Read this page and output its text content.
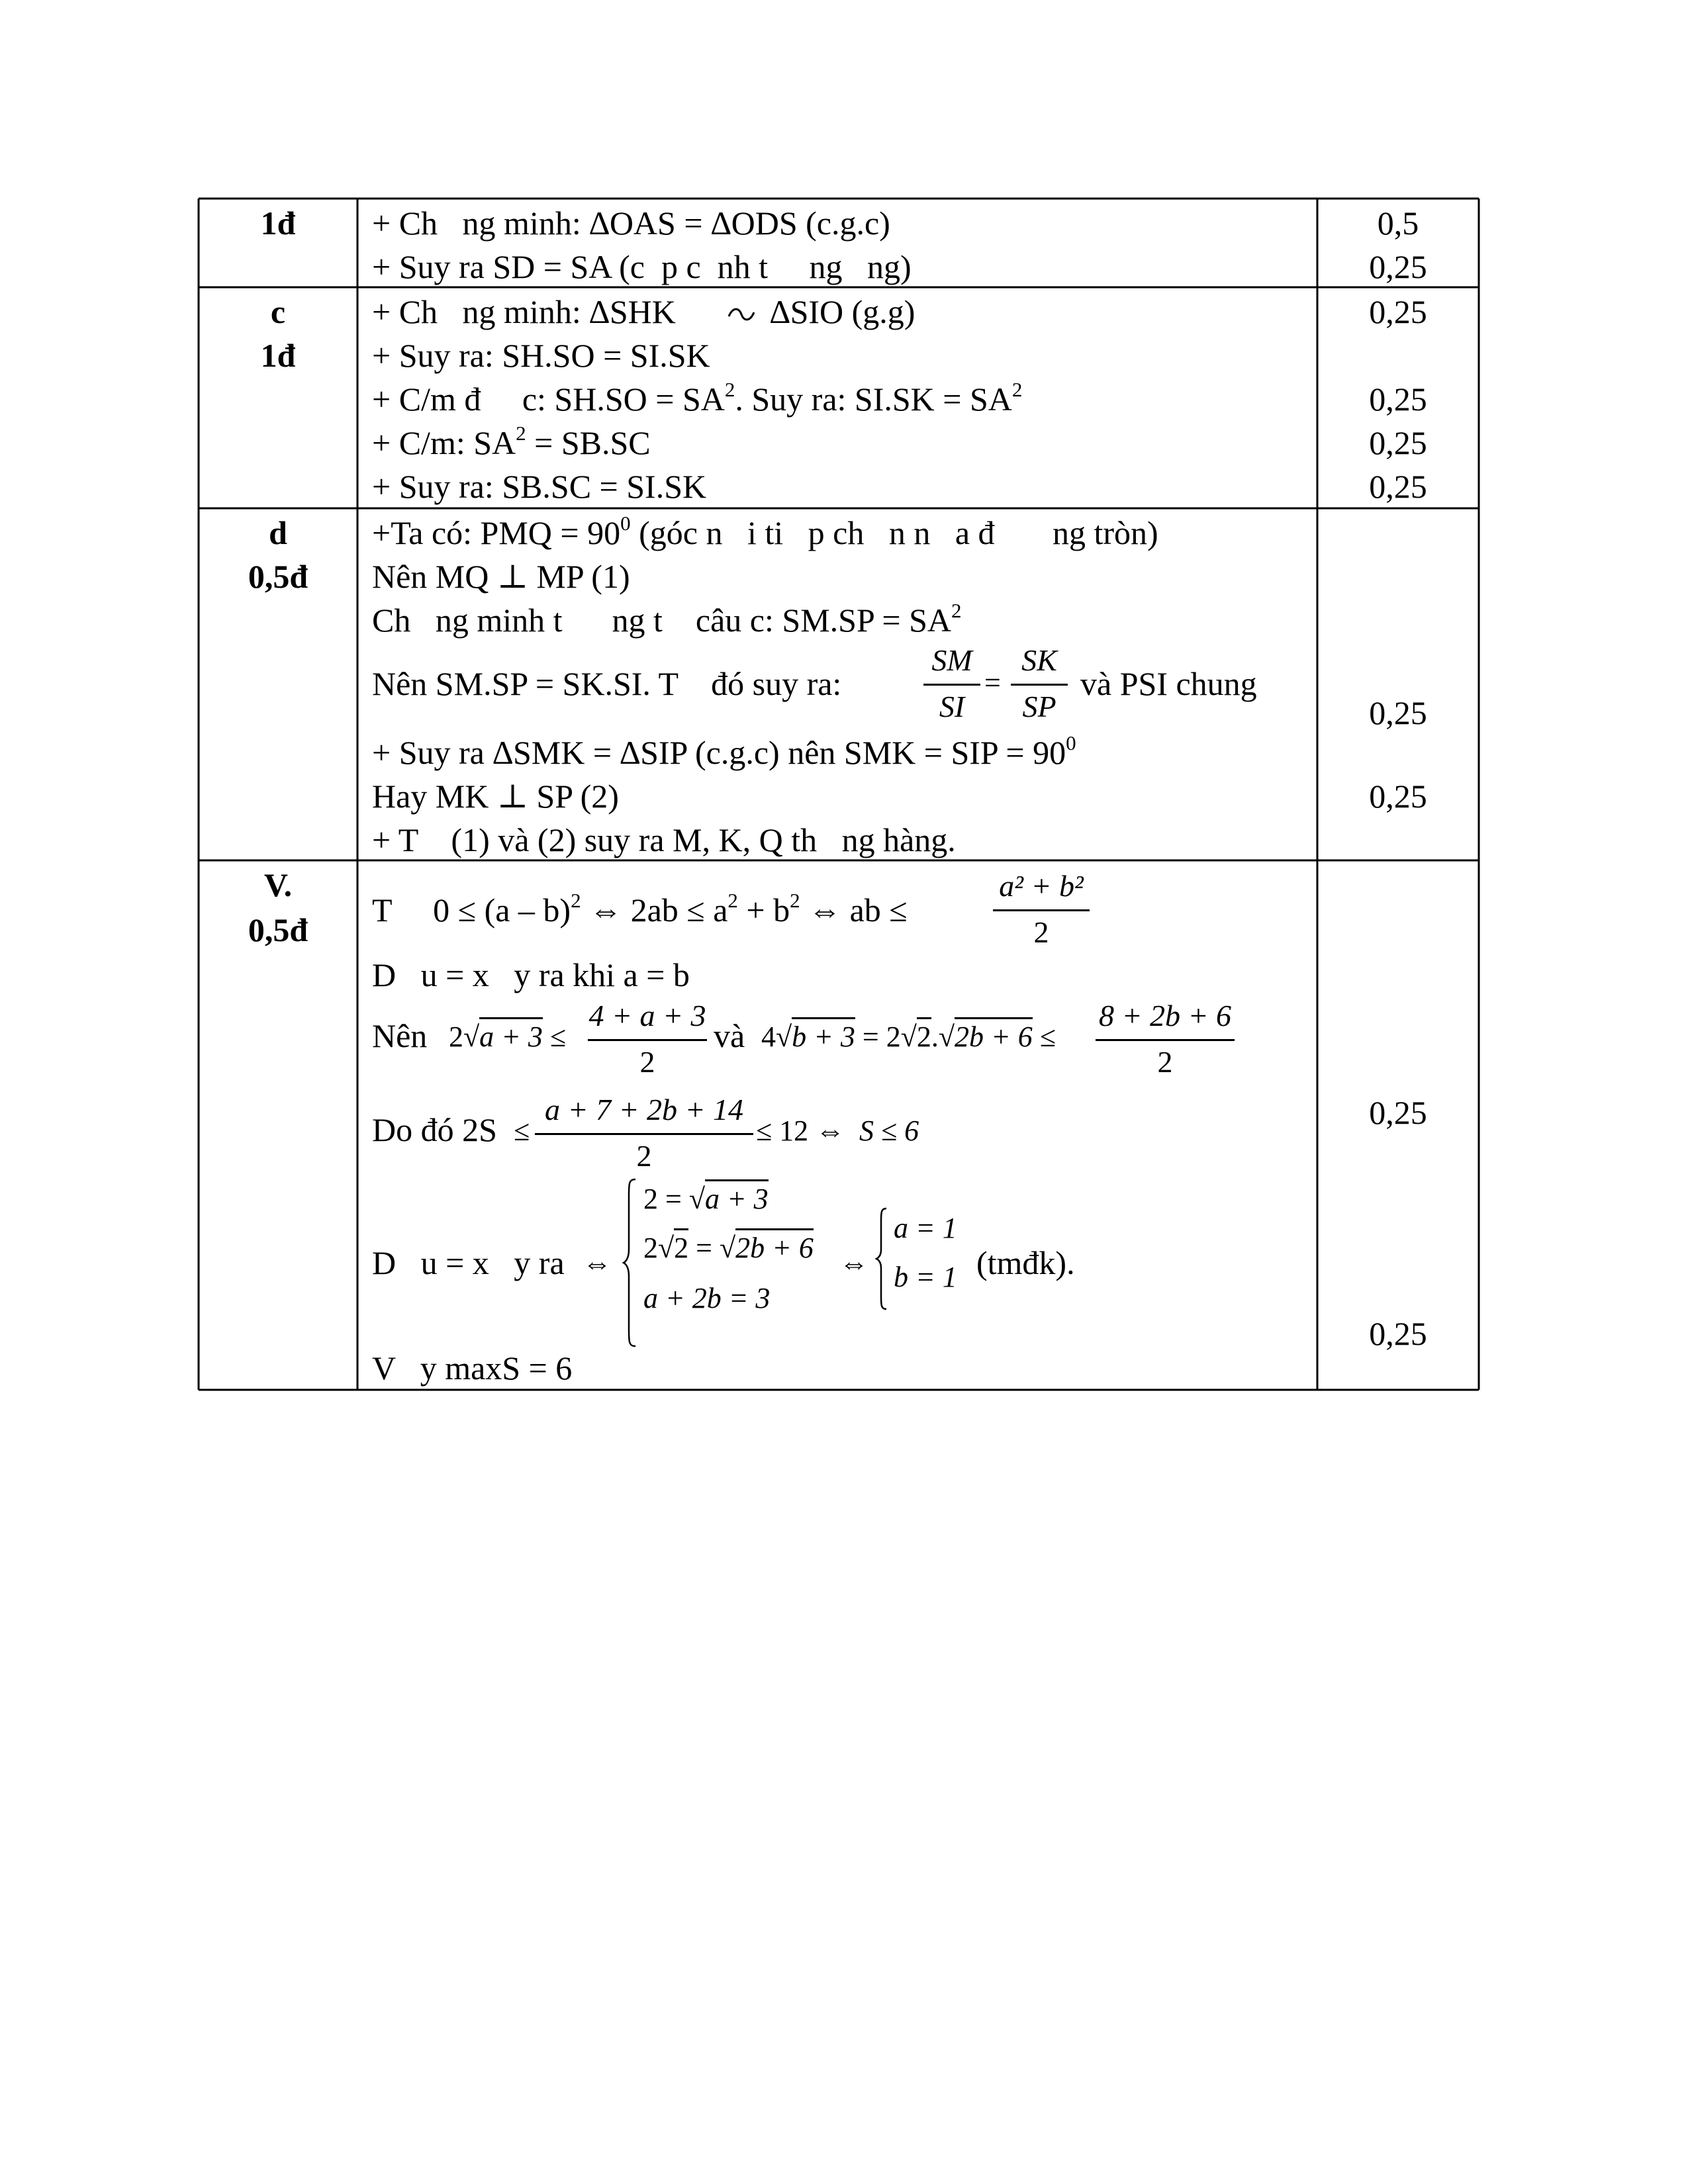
1đ	+ Ch   ng minh: ∆OAS = ∆ODS (c.g.c)
+ Suy ra SD = SA (c  p c  nh t     ng   ng)
0,5
0,25
c
1đ
+ Ch   ng minh: ∆SHK	∆SIO (g.g)
+ Suy ra: SH.SO = SI.SK
+ C/m đ     c: $SH.SO = SA^2$. Suy ra: $SI.SK = SA^2$
+ C/m: $SA^2 = SB.SC$
+ Suy ra: SB.SC = SI.SK
0,25
0,25
0,25
0,25
d
0,5đ
+Ta có: PMQ = $90^0$ (góc n   i ti   p ch   n n   a đ       ng tròn)
Nên MQ ⊥ MP (1)
Ch   ng minh t      ng t    câu c: $SM.SP = SA^2$
Nên SM.SP = SK.SI. T    đó suy ra:
SM
SI
=
SK
SP
và PSI chung
+ Suy ra ∆SMK = ∆SIP (c.g.c) nên SMK = SIP = $90^0$
Hay MK ⊥ SP (2)
+ T    (1) và (2) suy ra M, K, Q th   ng hàng.
0,25
0,25
V.
0,5đ
T     0 ≤ (a – b)$^2$ ⇔ $2ab \le a^2 + b^2$ ⇔ ab ≤
a² + b²
2
D   u = x   y ra khi a = b
Nên 2√a + 3 ≤
4 + a + 3
2
và 4√b + 3 = 2√2.√2b + 6 ≤
8 + 2b + 6
2
Do đó 2S ≤
a + 7 + 2b + 14
2
≤ 12 ⇔ S ≤ 6
D   u = x   y ra ⇔
2 = √a + 3
2√2 = √2b + 6
a + 2b = 3
⇔
a = 1
b = 1 (tmđk).
V   y maxS = 6
0,25
0,25
